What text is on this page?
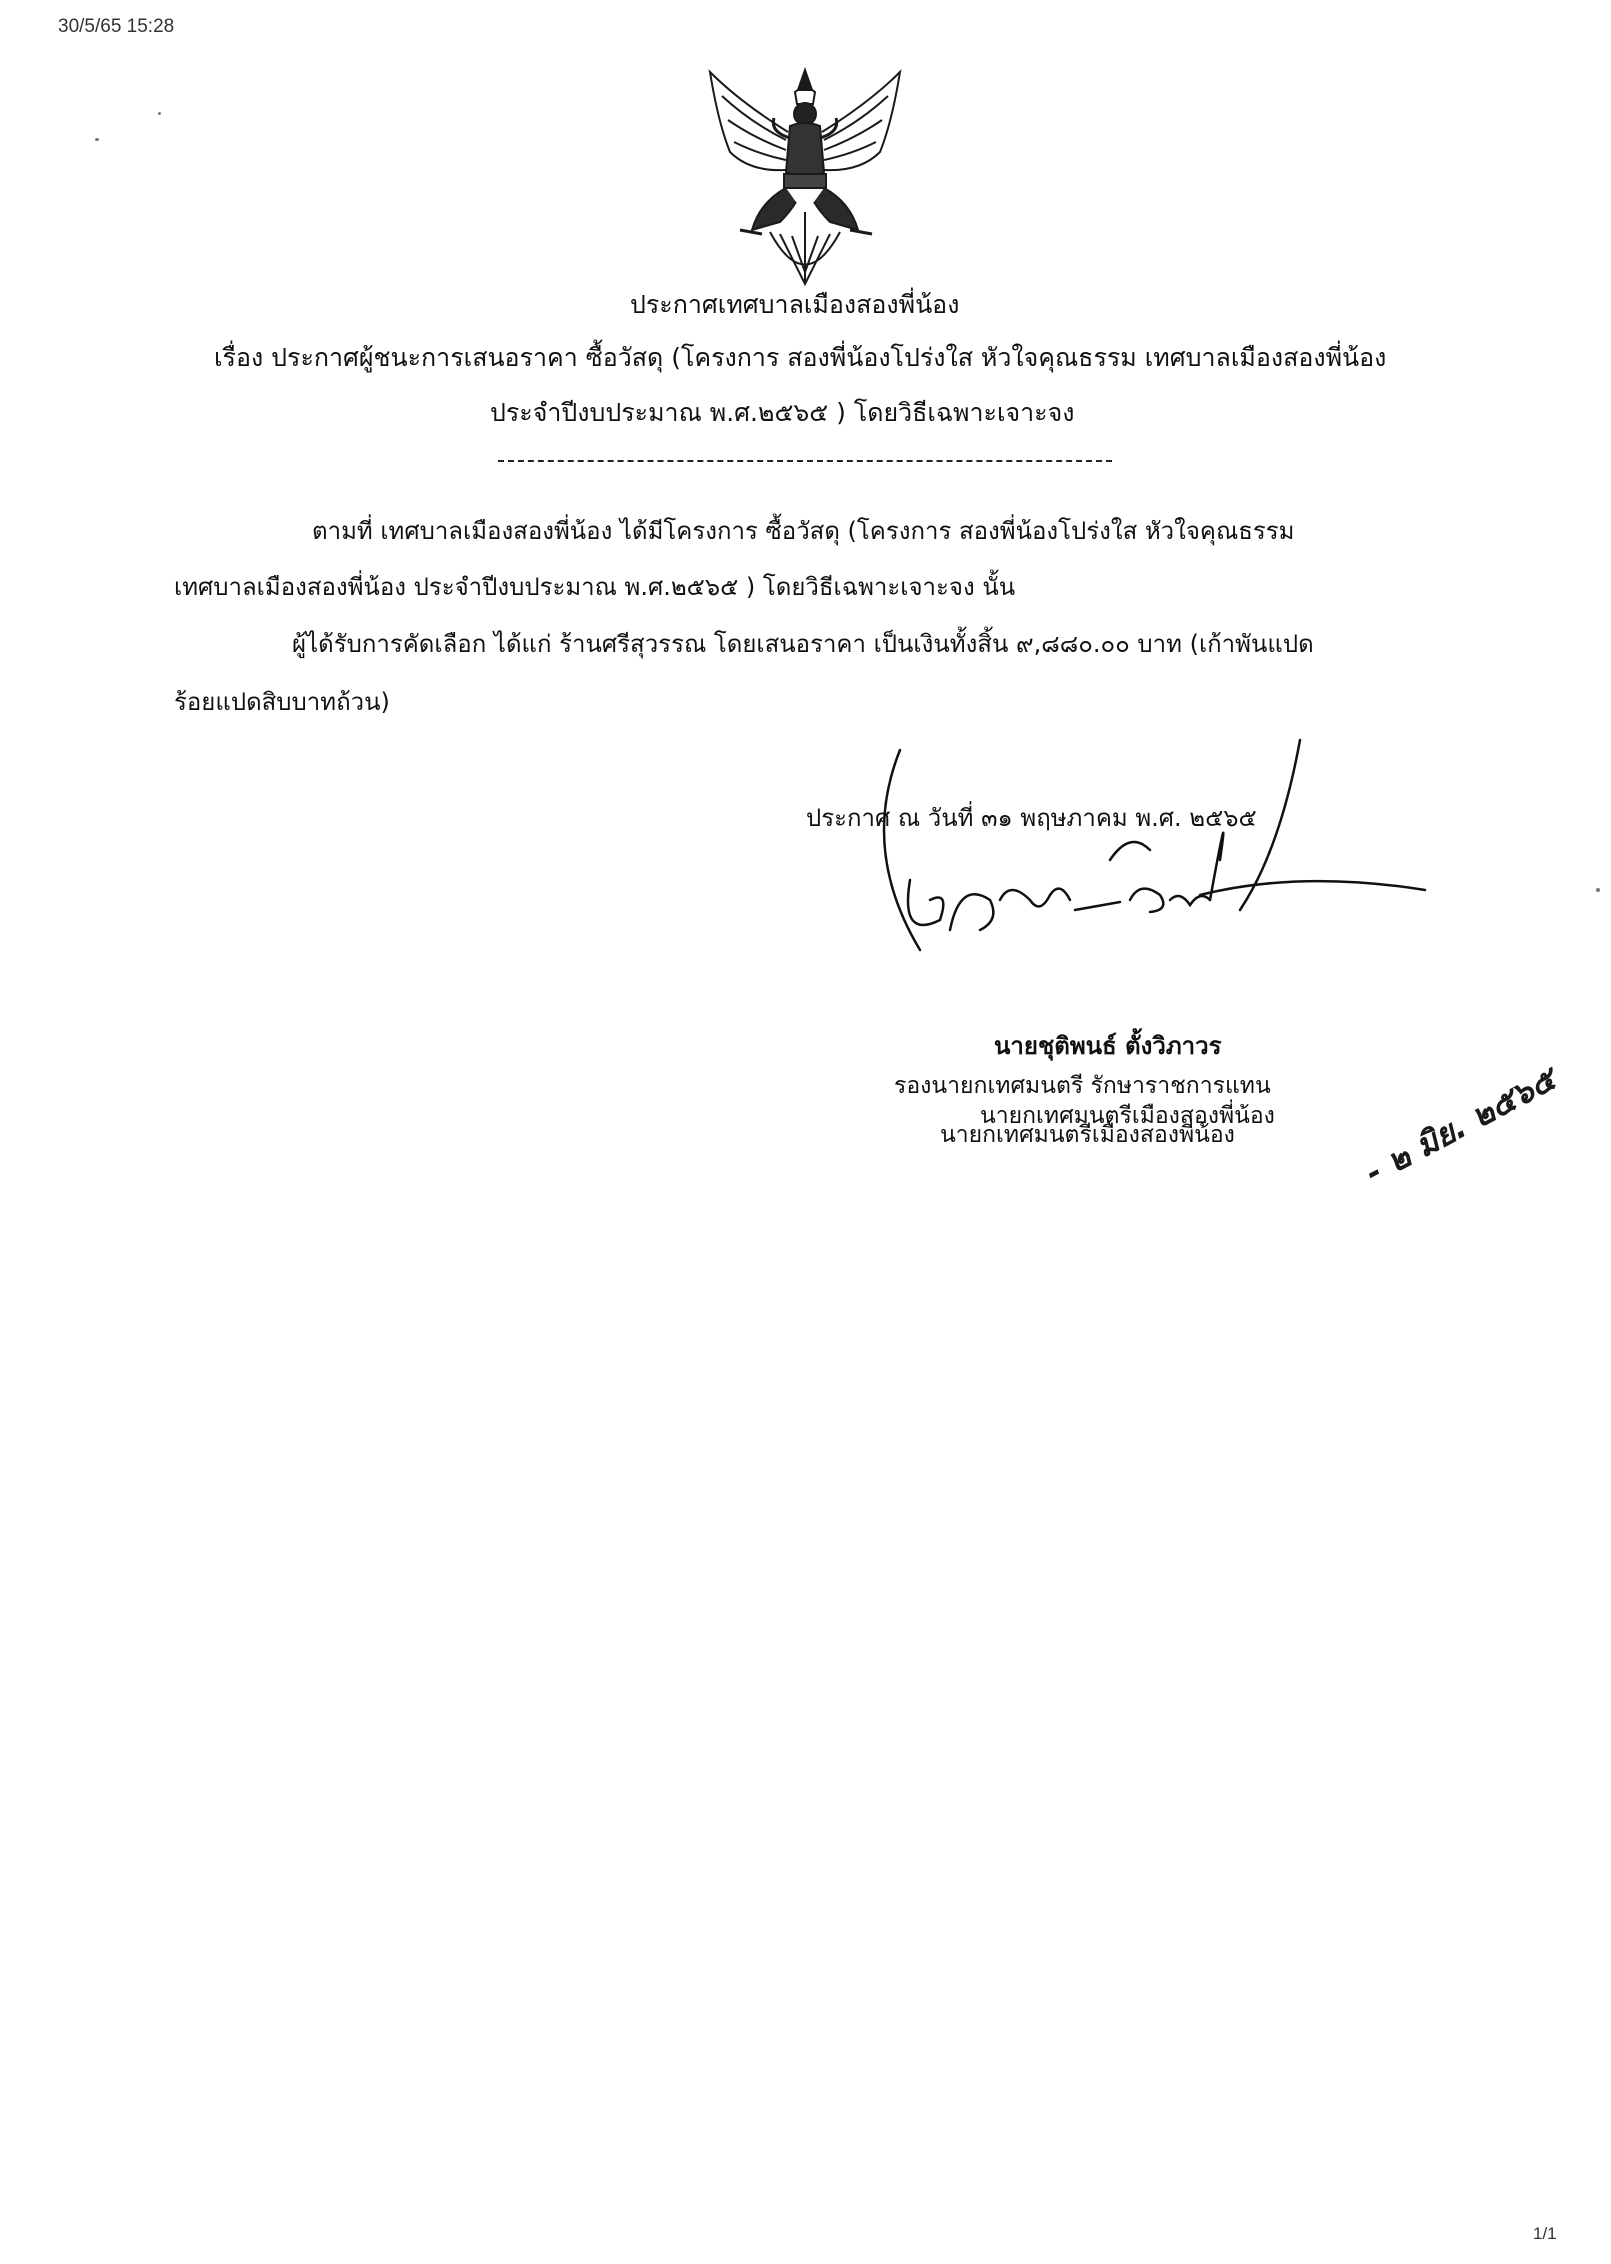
30/5/65 15:28
ประกาศเทศบาลเมืองสองพี่น้อง
เรื่อง ประกาศผู้ชนะการเสนอราคา ซื้อวัสดุ (โครงการ สองพี่น้องโปร่งใส หัวใจคุณธรรม เทศบาลเมืองสองพี่น้อง
ประจำปีงบประมาณ พ.ศ.๒๕๖๕ ) โดยวิธีเฉพาะเจาะจง
ตามที่ เทศบาลเมืองสองพี่น้อง ได้มีโครงการ ซื้อวัสดุ (โครงการ สองพี่น้องโปร่งใส หัวใจคุณธรรม
เทศบาลเมืองสองพี่น้อง ประจำปีงบประมาณ พ.ศ.๒๕๖๕ ) โดยวิธีเฉพาะเจาะจง นั้น
ผู้ได้รับการคัดเลือก ได้แก่ ร้านศรีสุวรรณ โดยเสนอราคา เป็นเงินทั้งสิ้น ๙,๘๘๐.๐๐ บาท (เก้าพันแปด
ร้อยแปดสิบบาทถ้วน)
ประกาศ ณ วันที่ ๓๑ พฤษภาคม พ.ศ. ๒๕๖๕
นายชุติพนธ์ ตั้งวิภาวร
รองนายกเทศมนตรี รักษาราชการแทน
นายกเทศมนตรีเมืองสองพี่น้อง
นายกเทศมนตรีเมืองสองพี่น้อง	- ๒ มิย. ๒๕๖๕
1/1
